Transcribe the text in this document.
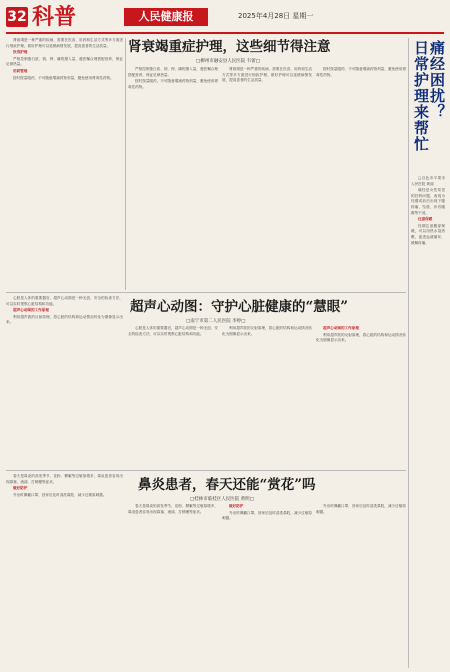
32 科普	人民健康报	2025年4月28日 星期一

肾衰竭是一种严重的疾病，需要在饮食、用药和生活方式等多方面进行细致护理。做好护理可以延缓病情发展，提高患者的生活质量。

饮食护理

严格控制蛋白质、钠、钾、磷的摄入量，遵医嘱合理搭配营养，保证足够热量。

用药管理

按时按量服药，不可随意增减药物剂量，避免使用肾毒性药物。

肾衰竭重症护理，这些细节得注意
□柳州市融安县人民医院 韦蕾□

严格控制蛋白质、钠、钾、磷的摄入量，遵医嘱合理搭配营养，保证足够热量。

按时按量服药，不可随意增减药物剂量，避免使用肾毒性药物。

肾衰竭是一种严重的疾病，需要在饮食、用药和生活方式等多方面进行细致护理。做好护理可以延缓病情发展，提高患者的生活质量。

按时按量服药，不可随意增减药物剂量，避免使用肾毒性药物。	痛经困扰？
日常护理来帮忙

□百色市平果市人民医院 黄丽

痛经是女性常见的妇科问题，表现为经期或前后出现下腹疼痛、坠胀，伴有腰酸等不适。

注意保暖

经期注意腹部保暖，可以用热水袋热敷，促进血液循环，缓解疼痛。

心脏是人体的重要器官，超声心动图是一种无创、安全的检查方法，可以实时观察心脏结构和功能。

超声心动图的工作原理

利用超声波的反射原理，将心脏的结构和运动情况转化为图像显示出来。

超声心动图：守护心脏健康的“慧眼”
□南宁市第二人民医院 李婷□

心脏是人体的重要器官，超声心动图是一种无创、安全的检查方法，可以实时观察心脏结构和功能。

利用超声波的反射原理，将心脏的结构和运动情况转化为图像显示出来。

超声心动图的工作原理

利用超声波的反射原理，将心脏的结构和运动情况转化为图像显示出来。

春天是鼻炎的高发季节，花粉、柳絮等过敏原增多，鼻炎患者容易出现鼻塞、流涕、打喷嚏等症状。

做好防护

外出时佩戴口罩，回家后及时清洗鼻腔，减少过敏原刺激。

鼻炎患者，春天还能“赏花”吗
□桂林市临桂区人民医院 黄明□

春天是鼻炎的高发季节，花粉、柳絮等过敏原增多，鼻炎患者容易出现鼻塞、流涕、打喷嚏等症状。

做好防护

外出时佩戴口罩，回家后及时清洗鼻腔，减少过敏原刺激。

外出时佩戴口罩，回家后及时清洗鼻腔，减少过敏原刺激。
